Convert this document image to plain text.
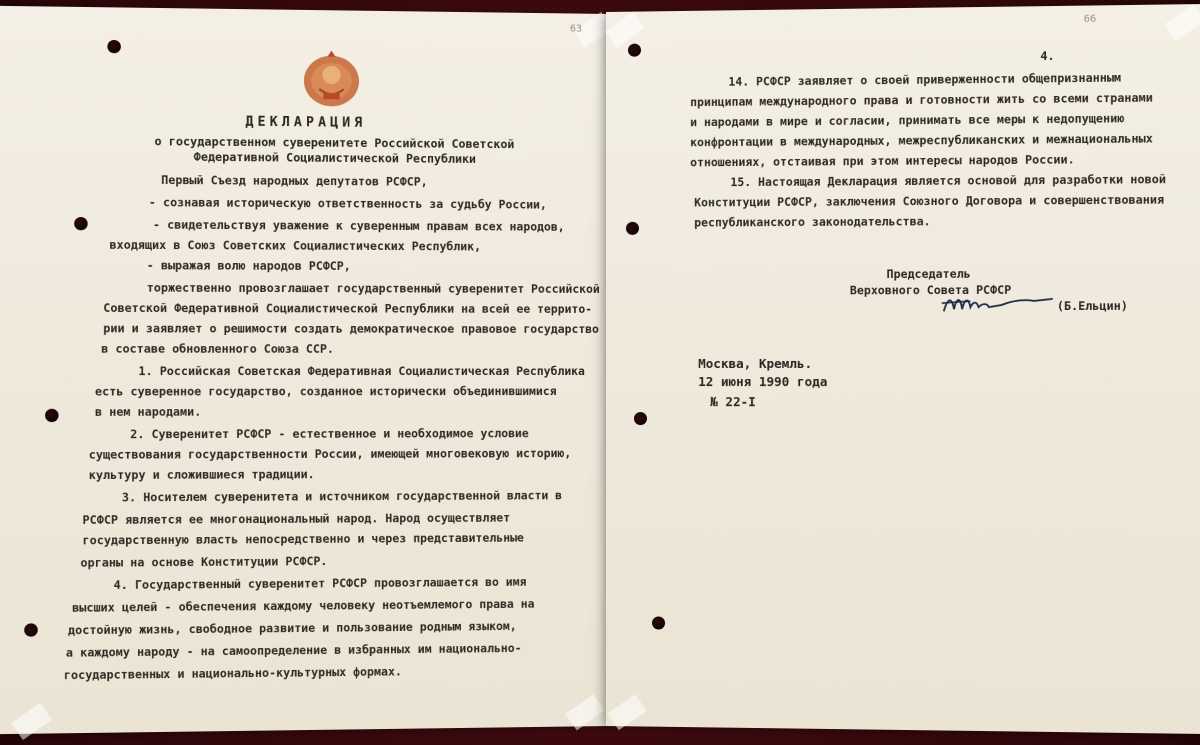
63
ДЕКЛАРАЦИЯ
о государственном суверенитете Российской Советской
Федеративной Социалистической Республики
Первый Съезд народных депутатов РСФСР,
- сознавая историческую ответственность за судьбу России,
- свидетельствуя уважение к суверенным правам всех народов,
входящих в Союз Советских Социалистических Республик,
- выражая волю народов РСФСР,
торжественно провозглашает государственный суверенитет Российской
Советской Федеративной Социалистической Республики на всей ее террито-
рии и заявляет о решимости создать демократическое правовое государство
в составе обновленного Союза ССР.
1. Российская Советская Федеративная Социалистическая Республика
есть суверенное государство, созданное исторически объединившимися
в нем народами.
2. Суверенитет РСФСР - естественное и необходимое условие
существования государственности России, имеющей многовековую историю,
культуру и сложившиеся традиции.
3. Носителем суверенитета и источником государственной власти в
РСФСР является ее многонациональный народ. Народ осуществляет
государственную власть непосредственно и через представительные
органы на основе Конституции РСФСР.
4. Государственный суверенитет РСФСР провозглашается во имя
высших целей - обеспечения каждому человеку неотъемлемого права на
достойную жизнь, свободное развитие и пользование родным языком,
а каждому народу - на самоопределение в избранных им национально-
государственных и национально-культурных формах.
66
4.
14. РСФСР заявляет о своей приверженности общепризнанным
принципам международного права и готовности жить со всеми странами
и народами в мире и согласии, принимать все меры к недопущению
конфронтации в международных, межреспубликанских и межнациональных
отношениях, отстаивая при этом интересы народов России.
15. Настоящая Декларация является основой для разработки новой
Конституции РСФСР, заключения Союзного Договора и совершенствования
республиканского законодательства.
Председатель
Верховного Совета РСФСР
(Б.Ельцин)
Москва, Кремль.
12 июня 1990 года
№ 22-I
